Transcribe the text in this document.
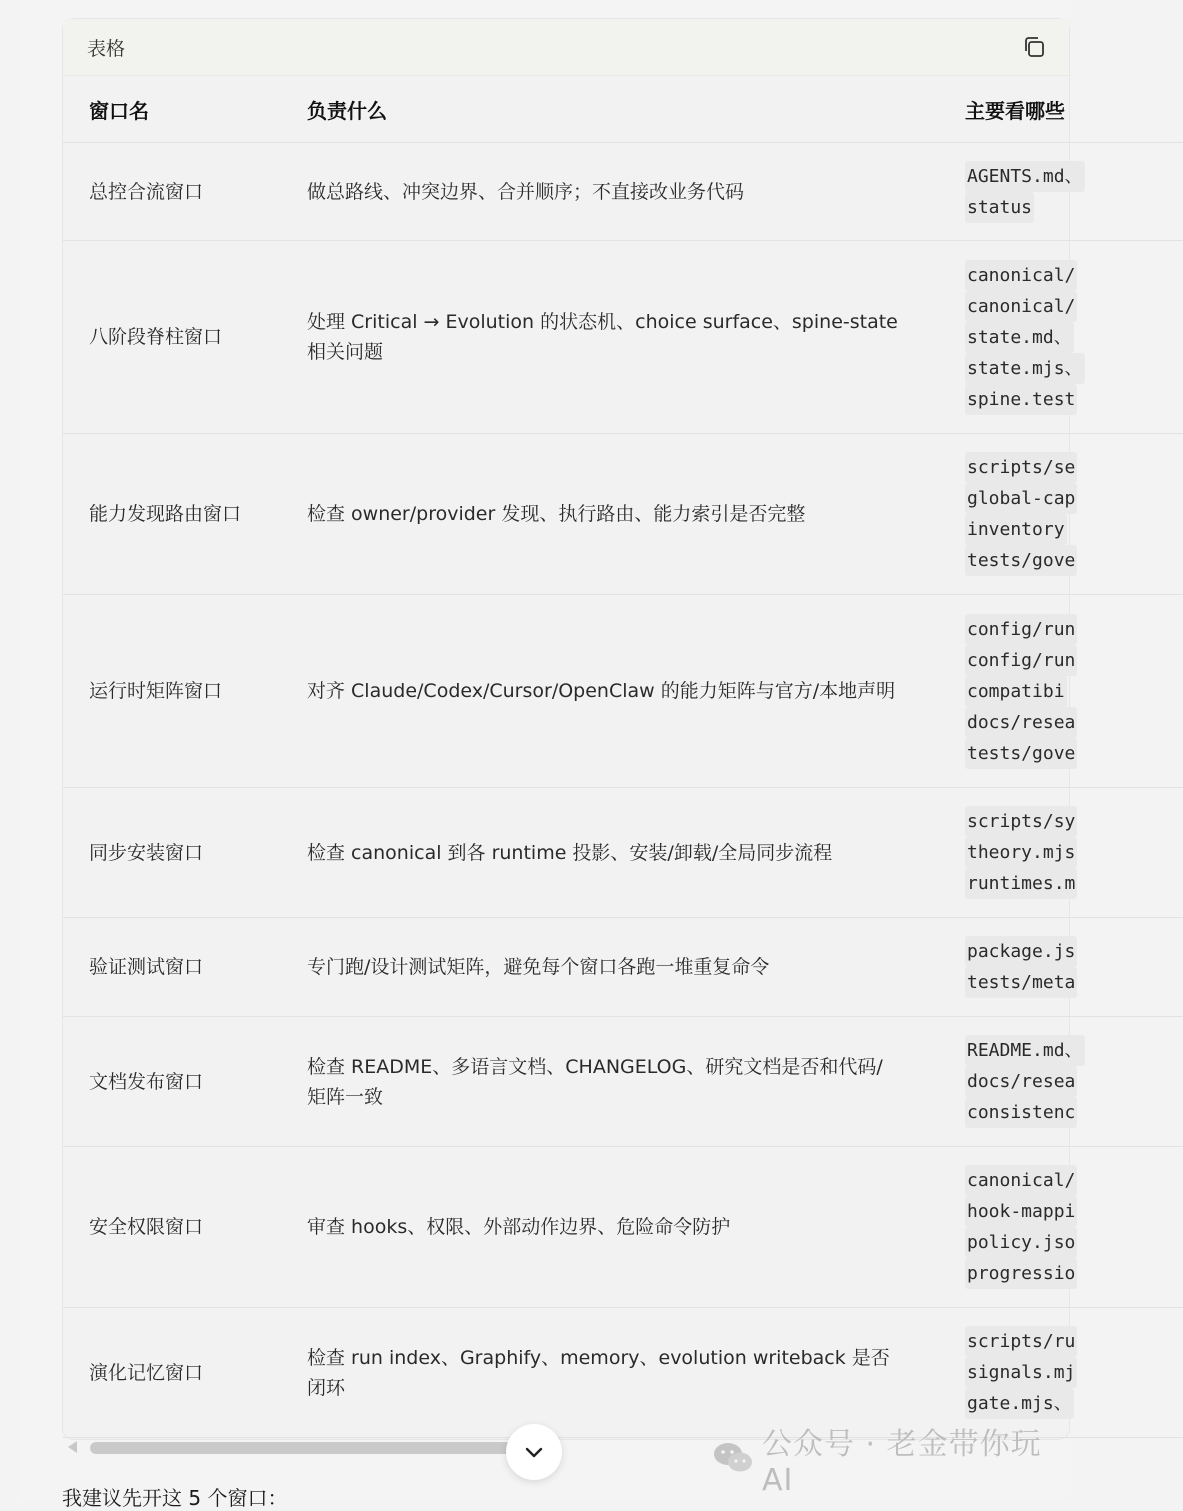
表格
窗口名	负责什么	主要看哪些
总控合流窗口	做总路线、冲突边界、合并顺序；不直接改业务代码	AGENTS.md、
status
八阶段脊柱窗口	处理 Critical → Evolution 的状态机、choice surface、spine-state 相关问题	canonical/
canonical/
state.md、
state.mjs、
spine.test
能力发现路由窗口	检查 owner/provider 发现、执行路由、能力索引是否完整	scripts/se
global-cap
inventory
tests/gove
运行时矩阵窗口	对齐 Claude/Codex/Cursor/OpenClaw 的能力矩阵与官方/本地声明	config/run
config/run
compatibi
docs/resea
tests/gove
同步安装窗口	检查 canonical 到各 runtime 投影、安装/卸载/全局同步流程	scripts/sy
theory.mjs
runtimes.m
验证测试窗口	专门跑/设计测试矩阵，避免每个窗口各跑一堆重复命令	package.js
tests/meta
文档发布窗口	检查 README、多语言文档、CHANGELOG、研究文档是否和代码/矩阵一致	README.md、
docs/resea
consistenc
安全权限窗口	审查 hooks、权限、外部动作边界、危险命令防护	canonical/
hook-mappi
policy.jso
progressio
演化记忆窗口	检查 run index、Graphify、memory、evolution writeback 是否闭环	scripts/ru
signals.mj
gate.mjs、
公众号 · 老金带你玩AI
我建议先开这 5 个窗口：
